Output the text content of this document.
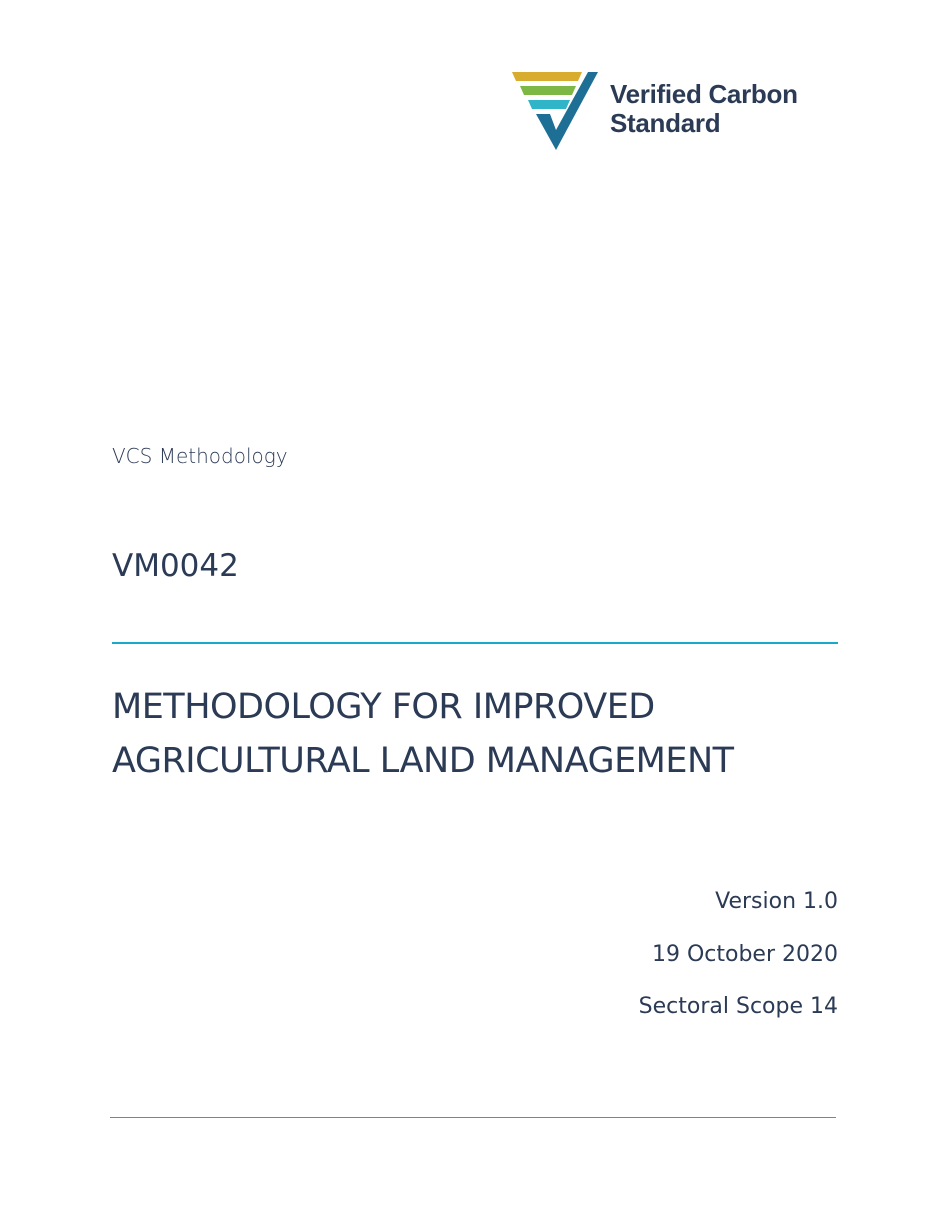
Verified Carbon
Standard
VCS Methodology
VM0042
METHODOLOGY FOR IMPROVED
AGRICULTURAL LAND MANAGEMENT
Version 1.0
19 October 2020
Sectoral Scope 14
